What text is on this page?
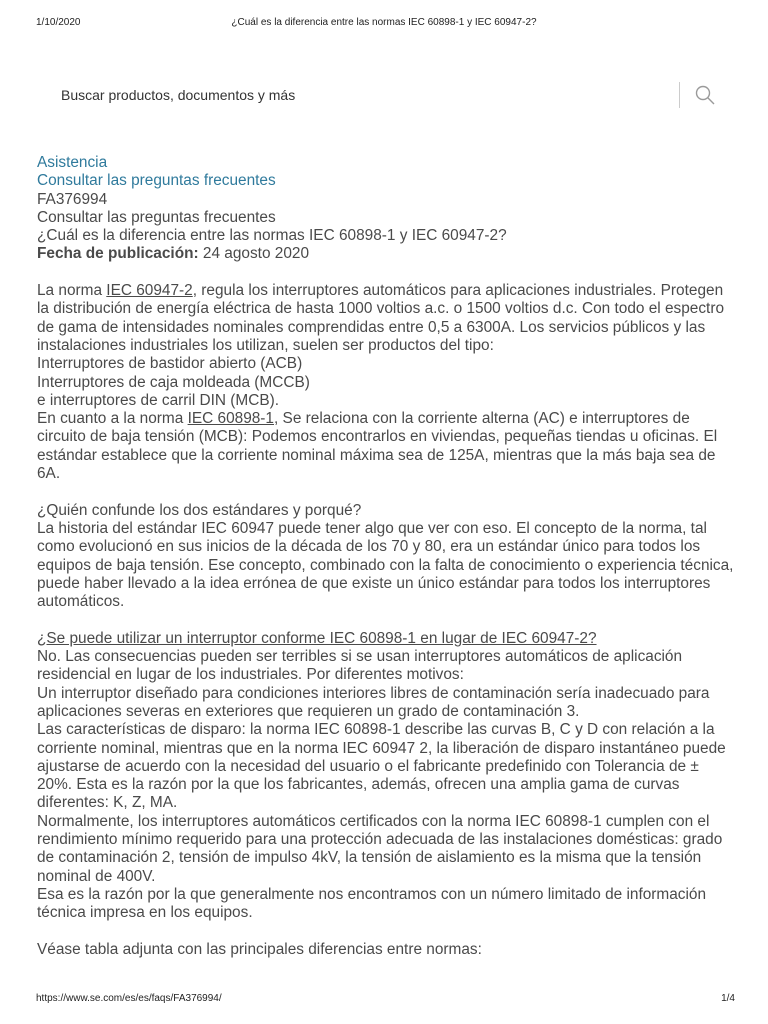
1/10/2020	¿Cuál es la diferencia entre las normas IEC 60898-1 y IEC 60947-2?
Buscar productos, documentos y más

Asistencia

Consultar las preguntas frecuentes

FA376994

Consultar las preguntas frecuentes

¿Cuál es la diferencia entre las normas IEC 60898-1 y IEC 60947-2?

Fecha de publicación: 24 agosto 2020

La norma IEC 60947-2, regula los interruptores automáticos para aplicaciones industriales. Protegen la distribución de energía eléctrica de hasta 1000 voltios a.c. o 1500 voltios d.c. Con todo el espectro de gama de intensidades nominales comprendidas entre 0,5 a 6300A. Los servicios públicos y las instalaciones industriales los utilizan, suelen ser productos del tipo:

Interruptores de bastidor abierto (ACB)

Interruptores de caja moldeada (MCCB)

e interruptores de carril DIN (MCB).

En cuanto a la norma IEC 60898-1, Se relaciona con la corriente alterna (AC) e interruptores de circuito de baja tensión (MCB): Podemos encontrarlos en viviendas, pequeñas tiendas u oficinas. El estándar establece que la corriente nominal máxima sea de 125A, mientras que la más baja sea de 6A.

¿Quién confunde los dos estándares y porqué?

La historia del estándar IEC 60947 puede tener algo que ver con eso. El concepto de la norma, tal como evolucionó en sus inicios de la década de los 70 y 80, era un estándar único para todos los equipos de baja tensión. Ese concepto, combinado con la falta de conocimiento o experiencia técnica, puede haber llevado a la idea errónea de que existe un único estándar para todos los interruptores automáticos.

¿Se puede utilizar un interruptor conforme IEC 60898-1 en lugar de IEC 60947-2?

No. Las consecuencias pueden ser terribles si se usan interruptores automáticos de aplicación residencial en lugar de los industriales. Por diferentes motivos:

Un interruptor diseñado para condiciones interiores libres de contaminación sería inadecuado para aplicaciones severas en exteriores que requieren un grado de contaminación 3.

Las características de disparo: la norma IEC 60898-1 describe las curvas B, C y D con relación a la corriente nominal, mientras que en la norma IEC 60947 2, la liberación de disparo instantáneo puede ajustarse de acuerdo con la necesidad del usuario o el fabricante predefinido con Tolerancia de ± 20%. Esta es la razón por la que los fabricantes, además, ofrecen una amplia gama de curvas diferentes: K, Z, MA.

Normalmente, los interruptores automáticos certificados con la norma IEC 60898-1 cumplen con el rendimiento mínimo requerido para una protección adecuada de las instalaciones domésticas: grado de contaminación 2, tensión de impulso 4kV, la tensión de aislamiento es la misma que la tensión nominal de 400V.

Esa es la razón por la que generalmente nos encontramos con un número limitado de información técnica impresa en los equipos.

Véase tabla adjunta con las principales diferencias entre normas:

https://www.se.com/es/es/faqs/FA376994/	1/4
